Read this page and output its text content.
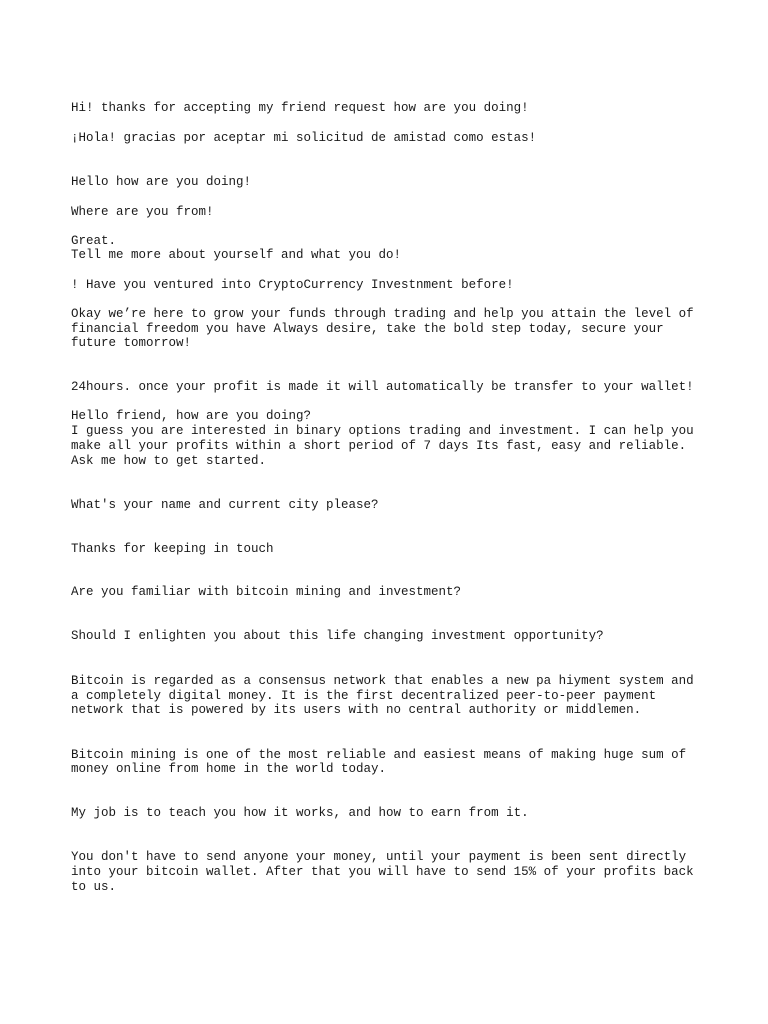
Hi! thanks for accepting my friend request how are you doing!

¡Hola! gracias por aceptar mi solicitud de amistad como estas!

Hello how are you doing!

Where are you from!

Great.

Tell me more about yourself and what you do!

! Have you ventured into CryptoCurrency Investnment before!

Okay we’re here to grow your funds through trading and help you attain the level of

financial freedom you have Always desire, take the bold step today, secure your

future tomorrow!

24hours. once your profit is made it will automatically be transfer to your wallet!

Hello friend, how are you doing?

I guess you are interested in binary options trading and investment. I can help you

make all your profits within a short period of 7 days Its fast, easy and reliable.

Ask me how to get started.

What's your name and current city please?

Thanks for keeping in touch

Are you familiar with bitcoin mining and investment?

Should I enlighten you about this life changing investment opportunity?

Bitcoin is regarded as a consensus network that enables a new pa hiyment system and

a completely digital money. It is the first decentralized peer-to-peer payment

network that is powered by its users with no central authority or middlemen.

Bitcoin mining is one of the most reliable and easiest means of making huge sum of

money online from home in the world today.

My job is to teach you how it works, and how to earn from it.

You don't have to send anyone your money, until your payment is been sent directly

into your bitcoin wallet. After that you will have to send 15% of your profits back

to us.
